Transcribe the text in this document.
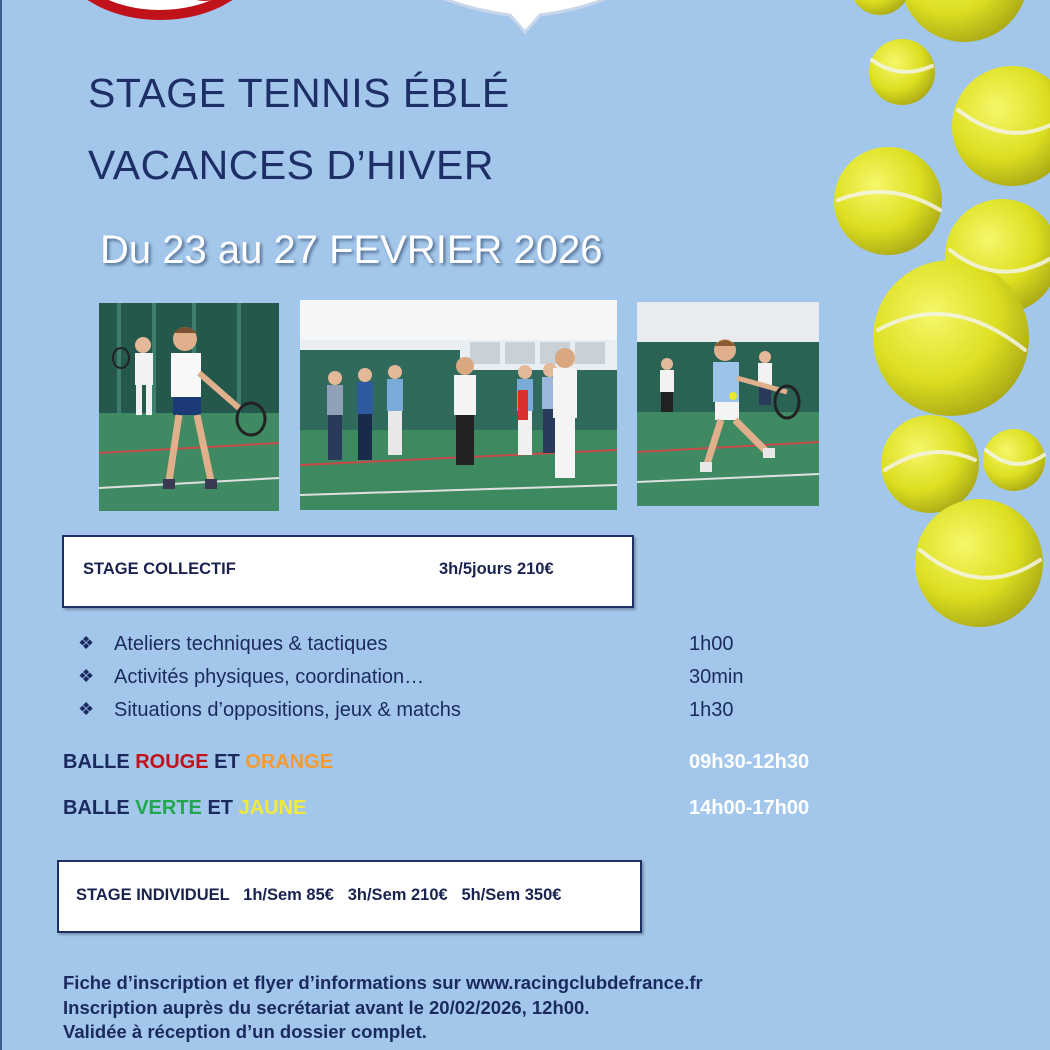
STAGE TENNIS ÉBLÉ
VACANCES D’HIVER
Du 23 au 27 FEVRIER 2026
STAGE COLLECTIF	3h/5jours 210€
❖ Ateliers techniques & tactiques	1h00
❖ Activités physiques, coordination…	30min
❖ Situations d’oppositions, jeux & matchs	1h30
BALLE ROUGE ET ORANGE	09h30-12h30
BALLE VERTE ET JAUNE	14h00-17h00
STAGE INDIVIDUEL   1h/Sem 85€   3h/Sem 210€   5h/Sem 350€
Fiche d’inscription et flyer d’informations sur www.racingclubdefrance.fr
Inscription auprès du secrétariat avant le 20/02/2026, 12h00.
Validée à réception d’un dossier complet.
